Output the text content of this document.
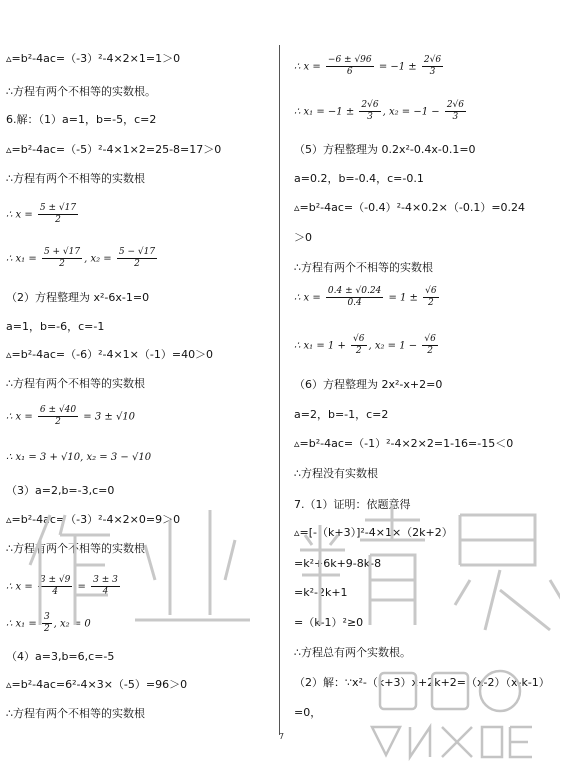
▵=b²-4ac=（-3）²-4×2×1=1＞0
∴方程有两个不相等的实数根。
6.解：（1）a=1，b=-5，c=2
▵=b²-4ac=（-5）²-4×1×2=25-8=17＞0
∴方程有两个不相等的实数根
∴ $x = \frac{5 \pm √17}{2}$
∴ $x_1 = \frac{5 + √17}{2}$ , $x_2 = \frac{5 - √17}{2}$
（2）方程整理为 x²-6x-1=0
a=1，b=-6，c=-1
▵=b²-4ac=（-6）²-4×1×（-1）=40＞0
∴方程有两个不相等的实数根
∴ $x = \frac{6 \pm √40}{2} = 3 \pm √10$
∴ x₁ = 3 + √10, x₂ = 3 − √10
（3）a=2,b=-3,c=0
▵=b²-4ac=（-3）²-4×2×0=9＞0
∴方程有两个不相等的实数根
∴ $x = \frac{3 \pm √9}{4} = \frac{3 \pm 3}{4}$
∴ $x_1 = \frac{3}{2}$ , x₂ = 0
（4）a=3,b=6,c=-5
▵=b²-4ac=6²-4×3×（-5）=96＞0
∴方程有两个不相等的实数根
∴ $x = \frac{-6 \pm √96}{6} = -1 \pm \frac{2√6}{3}$
∴ $x_1 = -1 \pm \frac{2√6}{3}$ , $x_2 = -1 - \frac{2√6}{3}$
（5）方程整理为 0.2x²-0.4x-0.1=0
a=0.2，b=-0.4，c=-0.1
▵=b²-4ac=（-0.4）²-4×0.2×（-0.1）=0.24
＞0
∴方程有两个不相等的实数根
∴ $x = \frac{0.4 \pm √0.24}{0.4} = 1 \pm \frac{√6}{2}$
∴ $x_1 = 1 + \frac{√6}{2}$ , $x_2 = 1 - \frac{√6}{2}$
（6）方程整理为 2x²-x+2=0
a=2，b=-1，c=2
▵=b²-4ac=（-1）²-4×2×2=1-16=-15＜0
∴方程没有实数根
7.（1）证明：依题意得
▵=[-（k+3）]²-4×1×（2k+2）
=k²+6k+9-8k-8
=k²-2k+1
=（k-1）²≥0
∴方程总有两个实数根。
（2）解：∵x²-（k+3）x+2k+2=（x-2）（x-k-1）
=0，
7
